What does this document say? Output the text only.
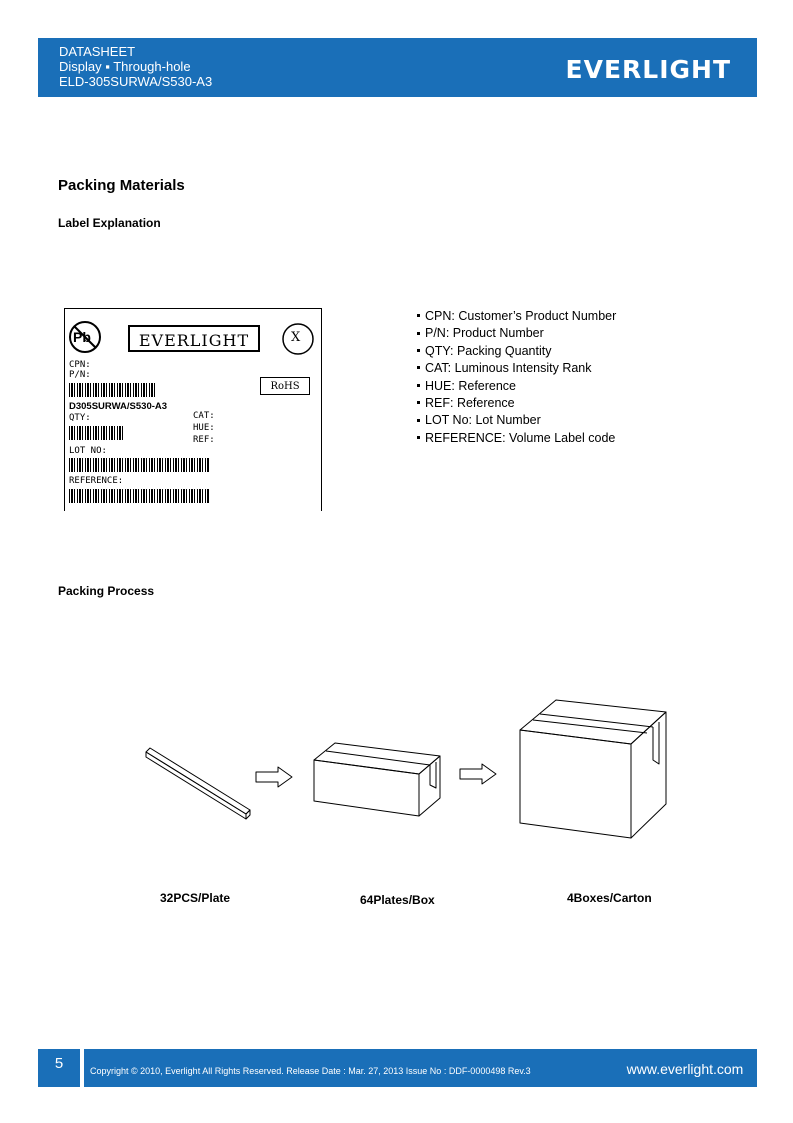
DATASHEET
Display ▪ Through-hole
ELD-305SURWA/S530-A3	EVERLIGHT
Packing Materials
Label Explanation
Pb	EVERLIGHT	X
CPN:
P/N:
RoHS
D305SURWA/S530-A3
QTY:	CAT:
HUE:
REF:
LOT NO:
REFERENCE:
CPN: Customer’s Product Number
P/N: Product Number
QTY: Packing Quantity
CAT: Luminous Intensity Rank
HUE: Reference
REF: Reference
LOT No: Lot Number
REFERENCE: Volume Label code
Packing Process
32PCS/Plate	64Plates/Box	4Boxes/Carton
5	Copyright © 2010, Everlight All Rights Reserved. Release Date : Mar. 27, 2013 Issue No : DDF-0000498 Rev.3	www.everlight.com
